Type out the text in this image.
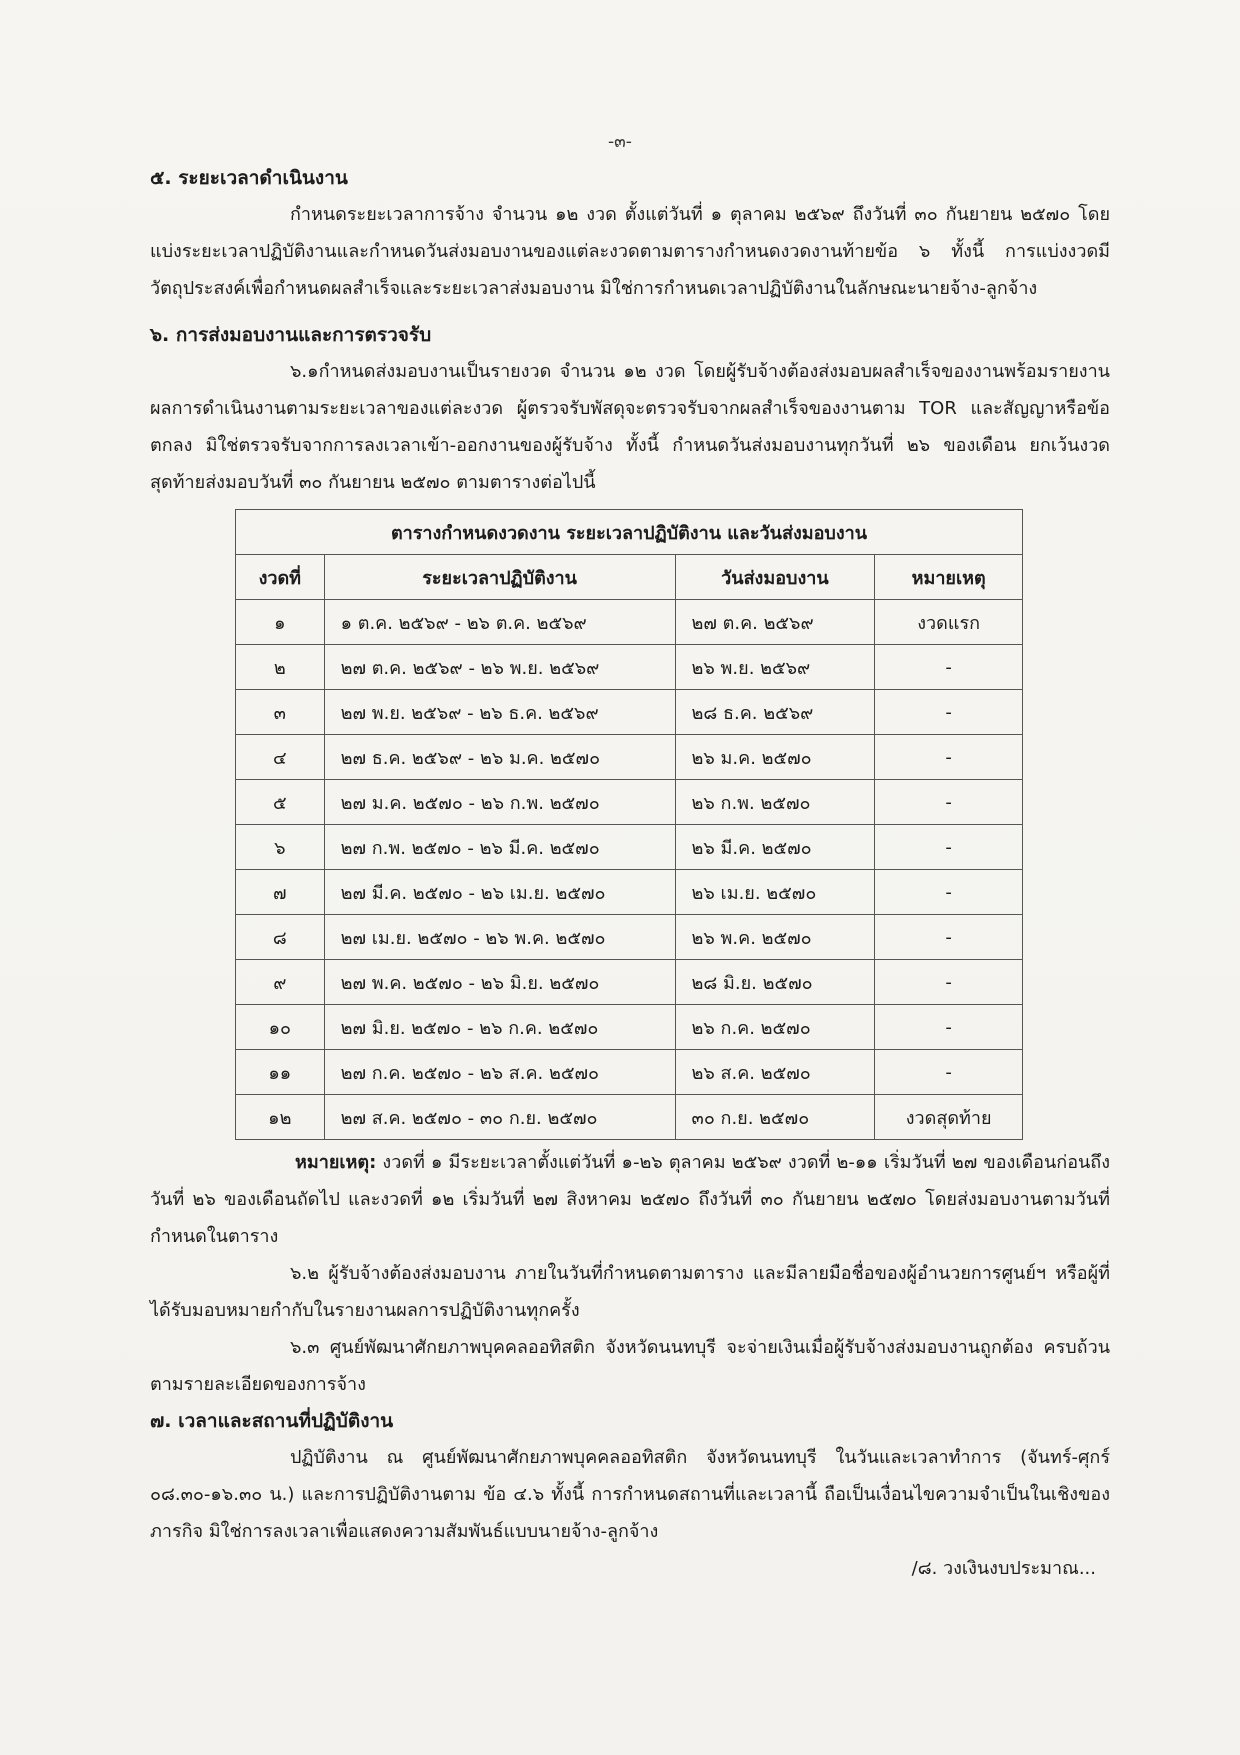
-๓-

๕. ระยะเวลาดำเนินงาน

กำหนดระยะเวลาการจ้าง จำนวน ๑๒ งวด ตั้งแต่วันที่ ๑ ตุลาคม ๒๕๖๙ ถึงวันที่ ๓๐ กันยายน ๒๕๗๐ โดยแบ่งระยะเวลาปฏิบัติงานและกำหนดวันส่งมอบงานของแต่ละงวดตามตารางกำหนดงวดงานท้ายข้อ ๖ ทั้งนี้ การแบ่งงวดมีวัตถุประสงค์เพื่อกำหนดผลสำเร็จและระยะเวลาส่งมอบงาน มิใช่การกำหนดเวลาปฏิบัติงานในลักษณะนายจ้าง-ลูกจ้าง

๖. การส่งมอบงานและการตรวจรับ

๖.๑กำหนดส่งมอบงานเป็นรายงวด จำนวน ๑๒ งวด โดยผู้รับจ้างต้องส่งมอบผลสำเร็จของงานพร้อมรายงานผลการดำเนินงานตามระยะเวลาของแต่ละงวด ผู้ตรวจรับพัสดุจะตรวจรับจากผลสำเร็จของงานตาม TOR และสัญญาหรือข้อตกลง มิใช่ตรวจรับจากการลงเวลาเข้า-ออกงานของผู้รับจ้าง ทั้งนี้ กำหนดวันส่งมอบงานทุกวันที่ ๒๖ ของเดือน ยกเว้นงวดสุดท้ายส่งมอบวันที่ ๓๐ กันยายน ๒๕๗๐ ตามตารางต่อไปนี้

ตารางกำหนดงวดงาน ระยะเวลาปฏิบัติงาน และวันส่งมอบงาน			
งวดที่	ระยะเวลาปฏิบัติงาน	วันส่งมอบงาน	หมายเหตุ
๑	๑ ต.ค. ๒๕๖๙ - ๒๖ ต.ค. ๒๕๖๙	๒๗ ต.ค. ๒๕๖๙	งวดแรก
๒	๒๗ ต.ค. ๒๕๖๙ - ๒๖ พ.ย. ๒๕๖๙	๒๖ พ.ย. ๒๕๖๙	-
๓	๒๗ พ.ย. ๒๕๖๙ - ๒๖ ธ.ค. ๒๕๖๙	๒๘ ธ.ค. ๒๕๖๙	-
๔	๒๗ ธ.ค. ๒๕๖๙ - ๒๖ ม.ค. ๒๕๗๐	๒๖ ม.ค. ๒๕๗๐	-
๕	๒๗ ม.ค. ๒๕๗๐ - ๒๖ ก.พ. ๒๕๗๐	๒๖ ก.พ. ๒๕๗๐	-
๖	๒๗ ก.พ. ๒๕๗๐ - ๒๖ มี.ค. ๒๕๗๐	๒๖ มี.ค. ๒๕๗๐	-
๗	๒๗ มี.ค. ๒๕๗๐ - ๒๖ เม.ย. ๒๕๗๐	๒๖ เม.ย. ๒๕๗๐	-
๘	๒๗ เม.ย. ๒๕๗๐ - ๒๖ พ.ค. ๒๕๗๐	๒๖ พ.ค. ๒๕๗๐	-
๙	๒๗ พ.ค. ๒๕๗๐ - ๒๖ มิ.ย. ๒๕๗๐	๒๘ มิ.ย. ๒๕๗๐	-
๑๐	๒๗ มิ.ย. ๒๕๗๐ - ๒๖ ก.ค. ๒๕๗๐	๒๖ ก.ค. ๒๕๗๐	-
๑๑	๒๗ ก.ค. ๒๕๗๐ - ๒๖ ส.ค. ๒๕๗๐	๒๖ ส.ค. ๒๕๗๐	-
๑๒	๒๗ ส.ค. ๒๕๗๐ - ๓๐ ก.ย. ๒๕๗๐	๓๐ ก.ย. ๒๕๗๐	งวดสุดท้าย

หมายเหตุ: งวดที่ ๑ มีระยะเวลาตั้งแต่วันที่ ๑-๒๖ ตุลาคม ๒๕๖๙ งวดที่ ๒-๑๑ เริ่มวันที่ ๒๗ ของเดือนก่อนถึงวันที่ ๒๖ ของเดือนถัดไป และงวดที่ ๑๒ เริ่มวันที่ ๒๗ สิงหาคม ๒๕๗๐ ถึงวันที่ ๓๐ กันยายน ๒๕๗๐ โดยส่งมอบงานตามวันที่กำหนดในตาราง

๖.๒ ผู้รับจ้างต้องส่งมอบงาน ภายในวันที่กำหนดตามตาราง และมีลายมือชื่อของผู้อำนวยการศูนย์ฯ หรือผู้ที่ได้รับมอบหมายกำกับในรายงานผลการปฏิบัติงานทุกครั้ง

๖.๓ ศูนย์พัฒนาศักยภาพบุคคลออทิสติก จังหวัดนนทบุรี จะจ่ายเงินเมื่อผู้รับจ้างส่งมอบงานถูกต้อง ครบถ้วน ตามรายละเอียดของการจ้าง

๗. เวลาและสถานที่ปฏิบัติงาน

ปฏิบัติงาน ณ ศูนย์พัฒนาศักยภาพบุคคลออทิสติก จังหวัดนนทบุรี ในวันและเวลาทำการ (จันทร์-ศุกร์ ๐๘.๓๐-๑๖.๓๐ น.) และการปฏิบัติงานตาม ข้อ ๔.๖ ทั้งนี้ การกำหนดสถานที่และเวลานี้ ถือเป็นเงื่อนไขความจำเป็นในเชิงของภารกิจ มิใช่การลงเวลาเพื่อแสดงความสัมพันธ์แบบนายจ้าง-ลูกจ้าง

/๘. วงเงินงบประมาณ...
